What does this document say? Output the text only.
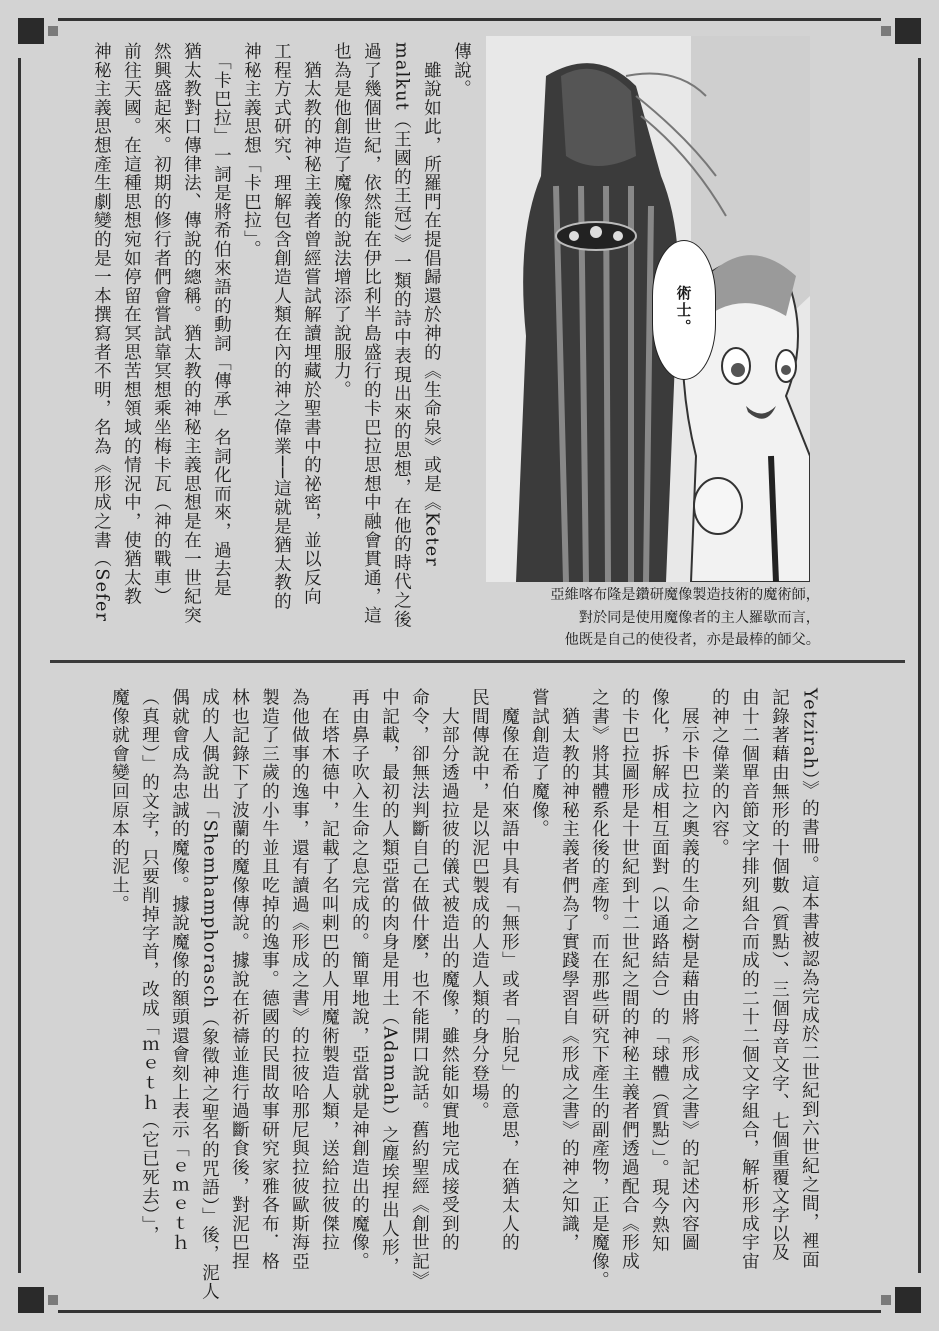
術士。
亞維喀布隆是鑽研魔像製造技術的魔術師，
對於同是使用魔像者的主人羅歇而言，
他既是自己的使役者，亦是最棒的師父。
傳說。
　雖說如此，所羅門在提倡歸還於神的《生命泉》或是《Keter
malkut（王國的王冠）》一類的詩中表現出來的思想，在他的時代之後
過了幾個世紀，依然能在伊比利半島盛行的卡巴拉思想中融會貫通，這
也為是他創造了魔像的說法增添了說服力。
　猶太教的神秘主義者曾經嘗試解讀埋藏於聖書中的祕密，並以反向
工程方式研究、理解包含創造人類在內的神之偉業──這就是猶太教的
神秘主義思想「卡巴拉」。
　「卡巴拉」一詞是將希伯來語的動詞「傳承」名詞化而來，過去是
猶太教對口傳律法、傳說的總稱。猶太教的神秘主義思想是在一世紀突
然興盛起來。初期的修行者們會嘗試靠冥想乘坐梅卡瓦（神的戰車）
前往天國。在這種思想宛如停留在冥思苦想領域的情況中，使猶太教
神秘主義思想產生劇變的是一本撰寫者不明，名為《形成之書（Sefer
Yetzirah）》的書冊。這本書被認為完成於二世紀到六世紀之間，裡面
記錄著藉由無形的十個數（質點）、三個母音文字、七個重覆文字以及
由十二個單音節文字排列組合而成的二十二個文字組合，解析形成宇宙
的神之偉業的內容。
　展示卡巴拉之奧義的生命之樹是藉由將《形成之書》的記述內容圖
像化，拆解成相互面對（以通路結合）的「球體（質點）」。現今熟知
的卡巴拉圖形是十世紀到十二世紀之間的神秘主義者們透過配合《形成
之書》將其體系化後的產物。而在那些研究下產生的副產物，正是魔像。
　猶太教的神秘主義者們為了實踐學習自《形成之書》的神之知識，
嘗試創造了魔像。
　魔像在希伯來語中具有「無形」或者「胎兒」的意思，在猶太人的
民間傳說中，是以泥巴製成的人造人類的身分登場。
　大部分透過拉彼的儀式被造出的魔像，雖然能如實地完成接受到的
命令，卻無法判斷自己在做什麼，也不能開口說話。舊約聖經《創世記》
中記載，最初的人類亞當的肉身是用土（Adamah）之塵埃捏出人形，
再由鼻子吹入生命之息完成的。簡單地說，亞當就是神創造出的魔像。
　在塔木德中，記載了名叫剌巴的人用魔術製造人類，送給拉彼傑拉
為他做事的逸事，還有讀過《形成之書》的拉彼哈那尼與拉彼歐斯海亞
製造了三歲的小牛並且吃掉的逸事。德國的民間故事研究家雅各布．格
林也記錄下了波蘭的魔像傳說。據說在祈禱並進行過斷食後，對泥巴捏
成的人偶說出「Shemhamphorasch（象徵神之聖名的咒語）」後，泥人
偶就會成為忠誠的魔像。據說魔像的額頭還會刻上表示「ｅｍｅｔｈ
（真理）」的文字，只要削掉字首，改成「ｍｅｔｈ（它已死去）」，
魔像就會變回原本的泥土。
